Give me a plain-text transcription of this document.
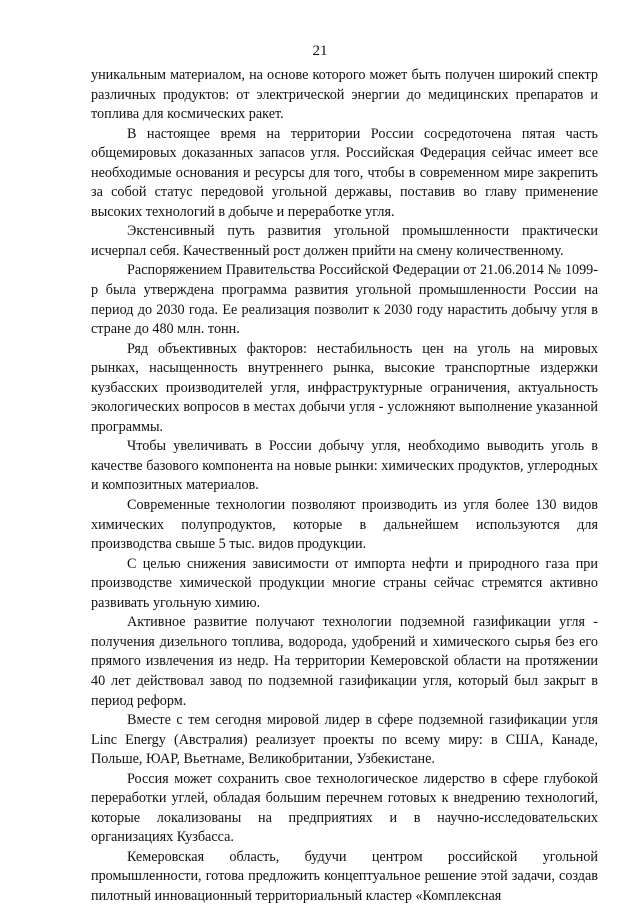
21

уникальным материалом, на основе которого может быть получен широкий спектр различных продуктов: от электрической энергии до медицинских препаратов и топлива для космических ракет.

В настоящее время на территории России сосредоточена пятая часть общемировых доказанных запасов угля. Российская Федерация сейчас имеет все необходимые основания и ресурсы для того, чтобы в современном мире закрепить за собой статус передовой угольной державы, поставив во главу применение высоких технологий в добыче и переработке угля.

Экстенсивный путь развития угольной промышленности практически исчерпал себя. Качественный рост должен прийти на смену количественному.

Распоряжением Правительства Российской Федерации от 21.06.2014 № 1099-р была утверждена программа развития угольной промышленности России на период до 2030 года. Ее реализация позволит к 2030 году нарастить добычу угля в стране до 480 млн. тонн.

Ряд объективных факторов: нестабильность цен на уголь на мировых рынках, насыщенность внутреннего рынка, высокие транспортные издержки кузбасских производителей угля, инфраструктурные ограничения, актуальность экологических вопросов в местах добычи угля - усложняют выполнение указанной программы.

Чтобы увеличивать в России добычу угля, необходимо выводить уголь в качестве базового компонента на новые рынки: химических продуктов, углеродных и композитных материалов.

Современные технологии позволяют производить из угля более 130 видов химических полупродуктов, которые в дальнейшем используются для производства свыше 5 тыс. видов продукции.

С целью снижения зависимости от импорта нефти и природного газа при производстве химической продукции многие страны сейчас стремятся активно развивать угольную химию.

Активное развитие получают технологии подземной газификации угля - получения дизельного топлива, водорода, удобрений и химического сырья без его прямого извлечения из недр. На территории Кемеровской области на протяжении 40 лет действовал завод по подземной газификации угля, который был закрыт в период реформ.

Вместе с тем сегодня мировой лидер в сфере подземной газификации угля Linc Energy (Австралия) реализует проекты по всему миру: в США, Канаде, Польше, ЮАР, Вьетнаме, Великобритании, Узбекистане.

Россия может сохранить свое технологическое лидерство в сфере глубокой переработки углей, обладая большим перечнем готовых к внедрению технологий, которые локализованы на предприятиях и в научно-исследовательских организациях Кузбасса.

Кемеровская область, будучи центром российской угольной промышленности, готова предложить концептуальное решение этой задачи, создав пилотный инновационный территориальный кластер «Комплексная
